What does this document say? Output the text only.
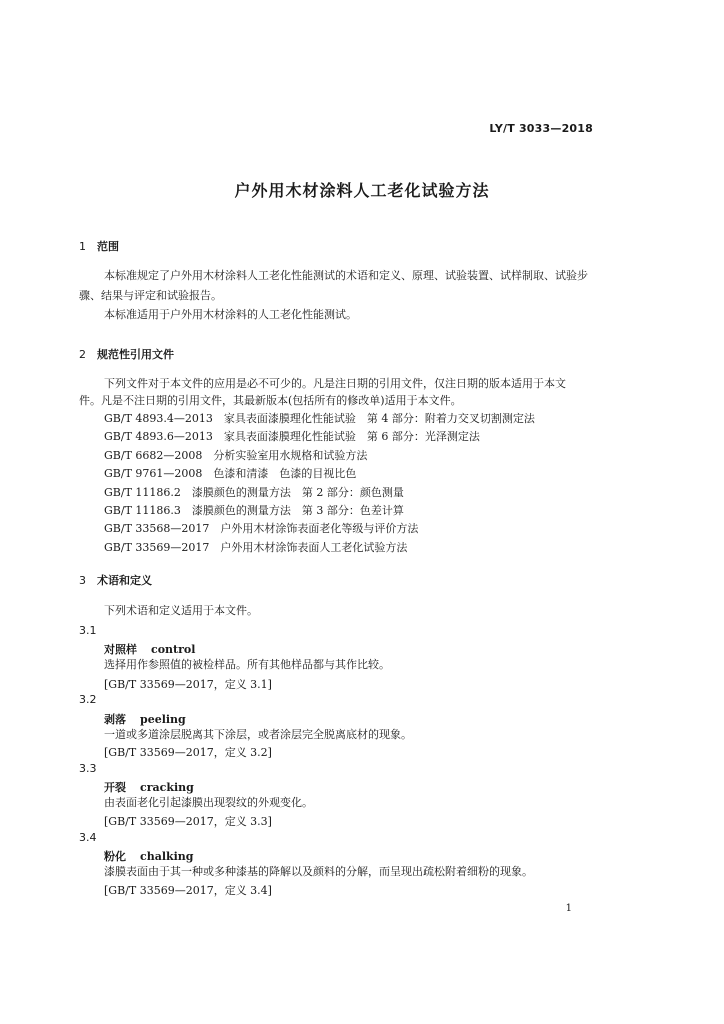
LY/T 3033—2018
户外用木材涂料人工老化试验方法
1 范围
本标准规定了户外用木材涂料人工老化性能测试的术语和定义、原理、试验装置、试样制取、试验步
骤、结果与评定和试验报告。
本标准适用于户外用木材涂料的人工老化性能测试。
2 规范性引用文件
下列文件对于本文件的应用是必不可少的。凡是注日期的引用文件，仅注日期的版本适用于本文
件。凡是不注日期的引用文件，其最新版本(包括所有的修改单)适用于本文件。
GB/T 4893.4—2013　家具表面漆膜理化性能试验　第 4 部分：附着力交叉切割测定法
GB/T 4893.6—2013　家具表面漆膜理化性能试验　第 6 部分：光泽测定法
GB/T 6682—2008　分析实验室用水规格和试验方法
GB/T 9761—2008　色漆和清漆　色漆的目视比色
GB/T 11186.2　漆膜颜色的测量方法　第 2 部分：颜色测量
GB/T 11186.3　漆膜颜色的测量方法　第 3 部分：色差计算
GB/T 33568—2017　户外用木材涂饰表面老化等级与评价方法
GB/T 33569—2017　户外用木材涂饰表面人工老化试验方法
3 术语和定义
下列术语和定义适用于本文件。
3.1
对照样 control
选择用作参照值的被检样品。所有其他样品都与其作比较。
[GB/T 33569—2017，定义 3.1]
3.2
剥落 peeling
一道或多道涂层脱离其下涂层，或者涂层完全脱离底材的现象。
[GB/T 33569—2017，定义 3.2]
3.3
开裂 cracking
由表面老化引起漆膜出现裂纹的外观变化。
[GB/T 33569—2017，定义 3.3]
3.4
粉化 chalking
漆膜表面由于其一种或多种漆基的降解以及颜料的分解，而呈现出疏松附着细粉的现象。
[GB/T 33569—2017，定义 3.4]
1
